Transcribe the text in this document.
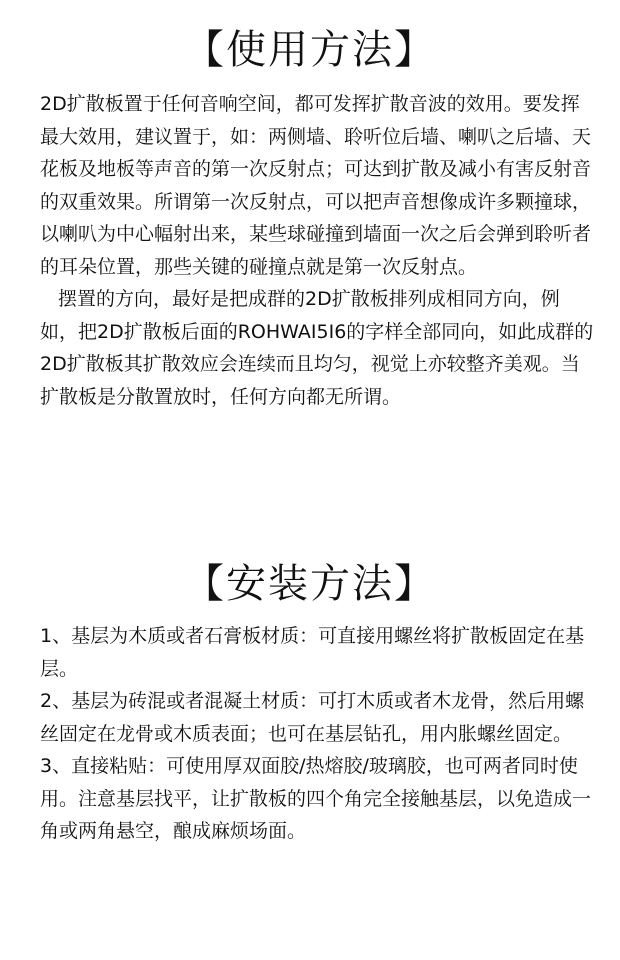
【使用方法】

2D扩散板置于任何音响空间，都可发挥扩散音波的效用。要发挥最大效用，建议置于，如：两侧墙、聆听位后墙、喇叭之后墙、天花板及地板等声音的第一次反射点；可达到扩散及减小有害反射音的双重效果。所谓第一次反射点，可以把声音想像成许多颗撞球，以喇叭为中心幅射出来，某些球碰撞到墙面一次之后会弹到聆听者的耳朵位置，那些关键的碰撞点就是第一次反射点。

摆置的方向，最好是把成群的2D扩散板排列成相同方向，例如，把2D扩散板后面的ROHWAI5I6的字样全部同向，如此成群的2D扩散板其扩散效应会连续而且均匀，视觉上亦较整齐美观。当扩散板是分散置放时，任何方向都无所谓。

【安装方法】

1、基层为木质或者石膏板材质：可直接用螺丝将扩散板固定在基层。

2、基层为砖混或者混凝土材质：可打木质或者木龙骨，然后用螺丝固定在龙骨或木质表面；也可在基层钻孔，用内胀螺丝固定。

3、直接粘贴：可使用厚双面胶/热熔胶/玻璃胶，也可两者同时使用。注意基层找平，让扩散板的四个角完全接触基层，以免造成一角或两角悬空，酿成麻烦场面。
